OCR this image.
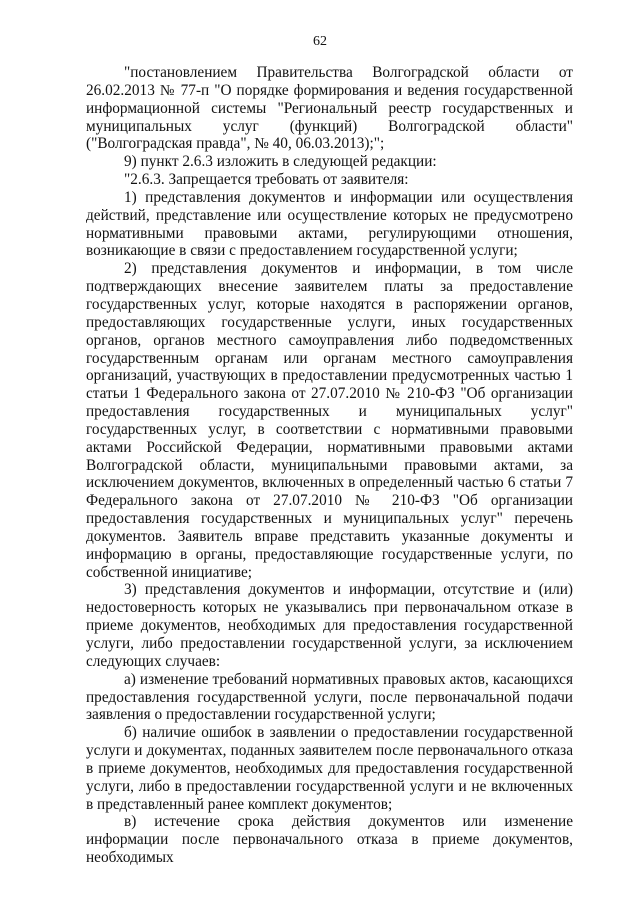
62

"постановлением Правительства Волгоградской области от 26.02.2013 № 77-п "О порядке формирования и ведения государственной информационной системы "Региональный реестр государственных и муниципальных услуг (функций) Волгоградской области" ("Волгоградская правда", № 40, 06.03.2013);";

9) пункт 2.6.3 изложить в следующей редакции:

"2.6.3. Запрещается требовать от заявителя:

1) представления документов и информации или осуществления действий, представление или осуществление которых не предусмотрено нормативными правовыми актами, регулирующими отношения, возникающие в связи с предоставлением государственной услуги;

2) представления документов и информации, в том числе подтверждающих внесение заявителем платы за предоставление государственных услуг, которые находятся в распоряжении органов, предоставляющих государственные услуги, иных государственных органов, органов местного самоуправления либо подведомственных государственным органам или органам местного самоуправления организаций, участвующих в предоставлении предусмотренных частью 1 статьи 1 Федерального закона от 27.07.2010 № 210-ФЗ "Об организации предоставления государственных и муниципальных услуг" государственных услуг, в соответствии с нормативными правовыми актами Российской Федерации, нормативными правовыми актами Волгоградской области, муниципальными правовыми актами, за исключением документов, включенных в определенный частью 6 статьи 7 Федерального закона от 27.07.2010 № 210-ФЗ "Об организации предоставления государственных и муниципальных услуг" перечень документов. Заявитель вправе представить указанные документы и информацию в органы, предоставляющие государственные услуги, по собственной инициативе;

3) представления документов и информации, отсутствие и (или) недостоверность которых не указывались при первоначальном отказе в приеме документов, необходимых для предоставления государственной услуги, либо предоставлении государственной услуги, за исключением следующих случаев:

а) изменение требований нормативных правовых актов, касающихся предоставления государственной услуги, после первоначальной подачи заявления о предоставлении государственной услуги;

б) наличие ошибок в заявлении о предоставлении государственной услуги и документах, поданных заявителем после первоначального отказа в приеме документов, необходимых для предоставления государственной услуги, либо в предоставлении государственной услуги и не включенных в представленный ранее комплект документов;

в) истечение срока действия документов или изменение информации после первоначального отказа в приеме документов, необходимых
